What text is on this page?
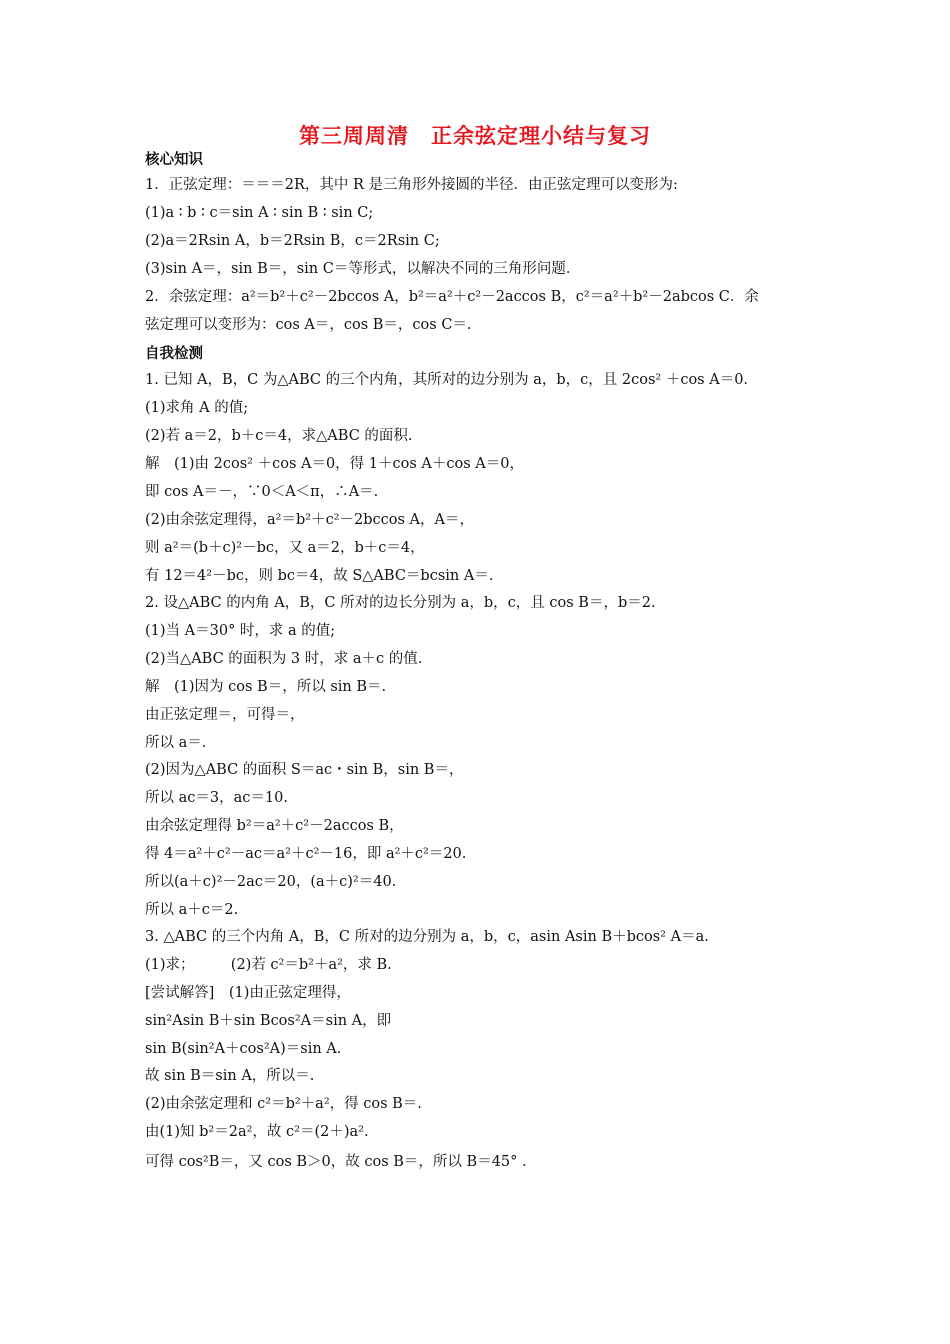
第三周周清　正余弦定理小结与复习
核心知识
1．正弦定理：＝＝＝2R，其中 R 是三角形外接圆的半径．由正弦定理可以变形为:
(1)a ∶ b ∶ c＝sin A ∶ sin B ∶ sin C;
(2)a＝2Rsin A，b＝2Rsin B，c＝2Rsin C;
(3)sin A＝，sin B＝，sin C＝等形式，以解决不同的三角形问题．
2．余弦定理：a²＝b²＋c²－2bccos A，b²＝a²＋c²－2accos B，c²＝a²＋b²－2abcos C．余
弦定理可以变形为：cos A＝，cos B＝，cos C＝.
自我检测
1. 已知 A，B，C 为△ABC 的三个内角，其所对的边分别为 a，b，c，且 2cos² ＋cos A＝0.
(1)求角 A 的值;
(2)若 a＝2，b＋c＝4，求△ABC 的面积.
解　(1)由 2cos² ＋cos A＝0，得 1＋cos A＋cos A＝0，
即 cos A＝－，∵0＜A＜π，∴A＝.
(2)由余弦定理得，a²＝b²＋c²－2bccos A，A＝，
则 a²＝(b＋c)²－bc，又 a＝2，b＋c＝4，
有 12＝4²－bc，则 bc＝4，故 S△ABC＝bcsin A＝.
2. 设△ABC 的内角 A，B，C 所对的边长分别为 a，b，c，且 cos B＝，b＝2.
(1)当 A＝30° 时，求 a 的值;
(2)当△ABC 的面积为 3 时，求 a＋c 的值.
解　(1)因为 cos B＝，所以 sin B＝.
由正弦定理＝，可得＝，
所以 a＝.
(2)因为△ABC 的面积 S＝ac・sin B，sin B＝，
所以 ac＝3，ac＝10.
由余弦定理得 b²＝a²＋c²－2accos B，
得 4＝a²＋c²－ac＝a²＋c²－16，即 a²＋c²＝20.
所以(a＋c)²－2ac＝20，(a＋c)²＝40.
所以 a＋c＝2.
3. △ABC 的三个内角 A，B，C 所对的边分别为 a，b，c，asin Asin B＋bcos² A＝a.
(1)求；　　　(2)若 c²＝b²＋a²，求 B.
[尝试解答]　(1)由正弦定理得，
sin²Asin B＋sin Bcos²A＝sin A，即
sin B(sin²A＋cos²A)＝sin A.
故 sin B＝sin A，所以＝.
(2)由余弦定理和 c²＝b²＋a²，得 cos B＝.
由(1)知 b²＝2a²，故 c²＝(2＋)a².
可得 cos²B＝，又 cos B＞0，故 cos B＝，所以 B＝45° .
